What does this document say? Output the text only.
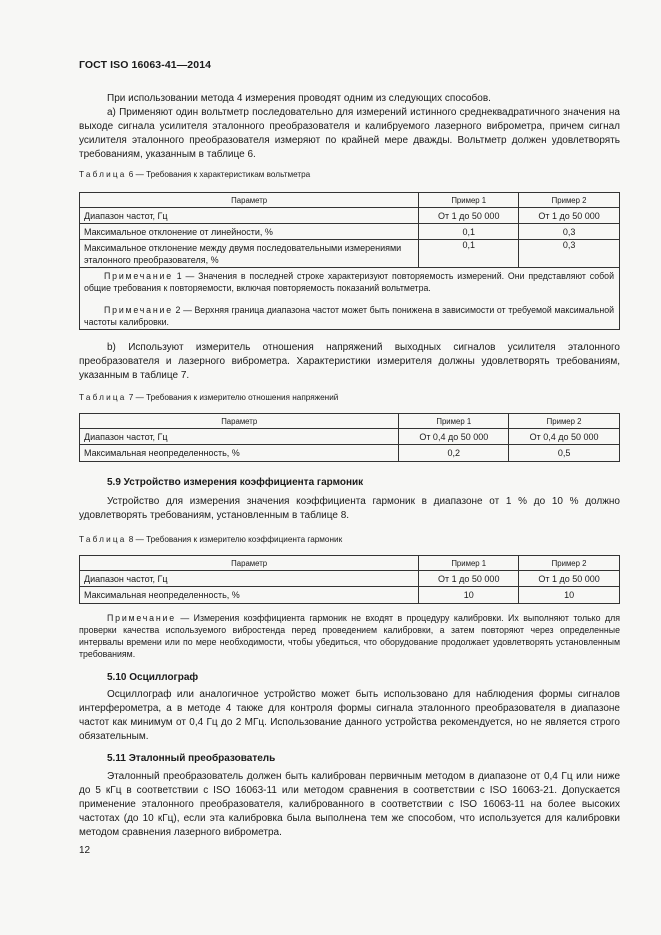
ГОСТ ISO 16063-41—2014
При использовании метода 4 измерения проводят одним из следующих способов.
а) Применяют один вольтметр последовательно для измерений истинного среднеквадратичного значения на выходе сигнала усилителя эталонного преобразователя и калибруемого лазерного виброметра, причем сигнал усилителя эталонного преобразователя измеряют по крайней мере дважды. Вольтметр должен удовлетворять требованиям, указанным в таблице 6.
Таблица 6 — Требования к характеристикам вольтметра
Параметр	Пример 1	Пример 2
Диапазон частот, Гц	От 1 до 50 000	От 1 до 50 000
Максимальное отклонение от линейности, %	0,1	0,3
Максимальное отклонение между двумя последовательными измерениями эталонного преобразователя, %	0,1	0,3

Примечание 1 — Значения в последней строке характеризуют повторяемость измерений. Они представляют собой общие требования к повторяемости, включая повторяемость показаний вольтметра.
Примечание 2 — Верхняя граница диапазона частот может быть понижена в зависимости от требуемой максимальной частоты калибровки.
b) Используют измеритель отношения напряжений выходных сигналов усилителя эталонного преобразователя и лазерного виброметра. Характеристики измерителя должны удовлетворять требованиям, указанным в таблице 7.
Таблица 7 — Требования к измерителю отношения напряжений
Параметр	Пример 1	Пример 2
Диапазон частот, Гц	От 0,4 до 50 000	От 0,4 до 50 000
Максимальная неопределенность, %	0,2	0,5
5.9 Устройство измерения коэффициента гармоник
Устройство для измерения значения коэффициента гармоник в диапазоне от 1 % до 10 % должно удовлетворять требованиям, установленным в таблице 8.
Таблица 8 — Требования к измерителю коэффициента гармоник
Параметр	Пример 1	Пример 2
Диапазон частот, Гц	От 1 до 50 000	От 1 до 50 000
Максимальная неопределенность, %	10	10
Примечание — Измерения коэффициента гармоник не входят в процедуру калибровки. Их выполняют только для проверки качества используемого вибростенда перед проведением калибровки, а затем повторяют через определенные интервалы времени или по мере необходимости, чтобы убедиться, что оборудование продолжает удовлетворять установленным требованиям.
5.10 Осциллограф
Осциллограф или аналогичное устройство может быть использовано для наблюдения формы сигналов интерферометра, а в методе 4 также для контроля формы сигнала эталонного преобразователя в диапазоне частот как минимум от 0,4 Гц до 2 МГц. Использование данного устройства рекомендуется, но не является строго обязательным.
5.11 Эталонный преобразователь
Эталонный преобразователь должен быть калиброван первичным методом в диапазоне от 0,4 Гц или ниже до 5 кГц в соответствии с ISO 16063-11 или методом сравнения в соответствии с ISO 16063-21. Допускается применение эталонного преобразователя, калиброванного в соответствии с ISO 16063-11 на более высоких частотах (до 10 кГц), если эта калибровка была выполнена тем же способом, что используется для калибровки методом сравнения лазерного виброметра.
12
